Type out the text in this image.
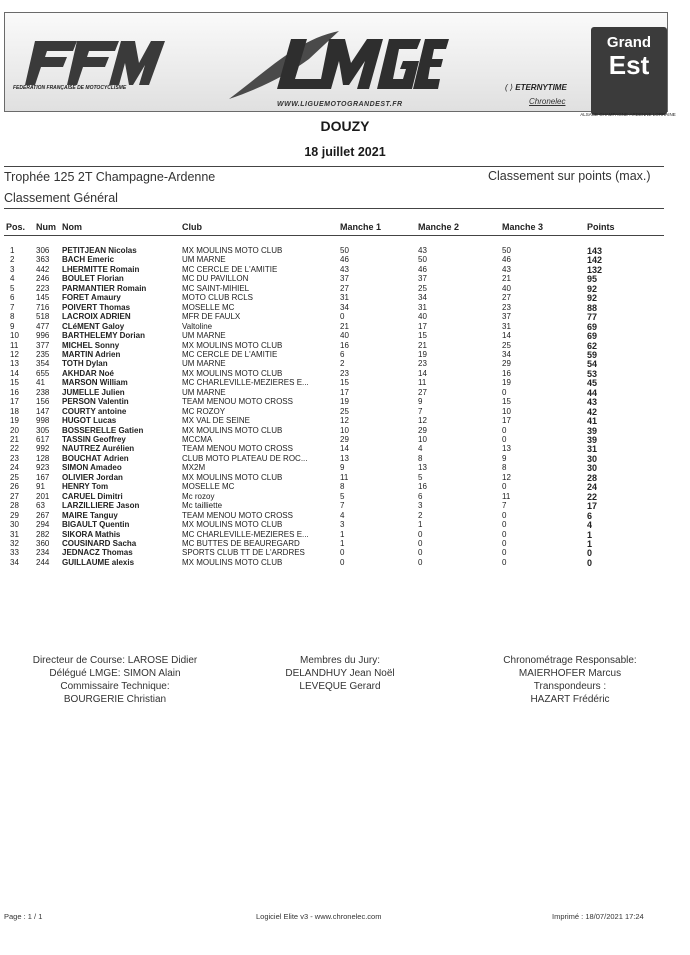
FEDERATION FRANÇAISE DE MOTOCYCLISME
WWW.LIGUEMOTOGRANDEST.FR
( ⟩ ETERNYTIME
Chronelec
Grand
Est
ALSACE CHAMPAGNE-ARDENNE LORRAINE
DOUZY
18 juillet 2021
Trophée 125 2T Champagne-Ardenne
Classement Général
Classement sur points (max.)
Pos. Num Nom	Club	Manche 1	Manche 2	Manche 3	Points
1	306 PETITJEAN Nicolas	MX MOULINS MOTO CLUB	50	43	50	143
2	363 BACH Emeric	UM MARNE	46	50	46	142
3	442 LHERMITTE Romain	MC CERCLE DE L'AMITIE	43	46	43	132
4	246 BOULET Florian	MC DU PAVILLON	37	37	21	95
5	223 PARMANTIER Romain	MC SAINT-MIHIEL	27	25	40	92
6	145 FORET Amaury	MOTO CLUB RCLS	31	34	27	92
7	716 POIVERT Thomas	MOSELLE MC	34	31	23	88
8	518 LACROIX ADRIEN	MFR DE FAULX	0	40	37	77
9	477 CLéMENT Galoy	Valtoline	21	17	31	69
10 996 BARTHELEMY Dorian	UM MARNE	40	15	14	69
11 377 MICHEL Sonny	MX MOULINS MOTO CLUB	16	21	25	62
12 235 MARTIN Adrien	MC CERCLE DE L'AMITIE	6	19	34	59
13 354 TOTH Dylan	UM MARNE	2	23	29	54
14 655 AKHDAR Noé	MX MOULINS MOTO CLUB	23	14	16	53
15 41 MARSON William	MC CHARLEVILLE-MEZIERES E...	15	11	19	45
16 238 JUMELLE Julien	UM MARNE	17	27	0	44
17 156 PERSON Valentin	TEAM MENOU MOTO CROSS	19	9	15	43
18 147 COURTY antoine	MC ROZOY	25	7	10	42
19 998 HUGOT Lucas	MX VAL DE SEINE	12	12	17	41
20 305 BOSSERELLE Gatien	MX MOULINS MOTO CLUB	10	29	0	39
21 617 TASSIN Geoffrey	MCCMA	29	10	0	39
22 992 NAUTREZ Aurélien	TEAM MENOU MOTO CROSS	14	4	13	31
23 128 BOUCHAT Adrien	CLUB MOTO PLATEAU DE ROC...	13	8	9	30
24 923 SIMON Amadeo	MX2M	9	13	8	30
25 167 OLIVIER Jordan	MX MOULINS MOTO CLUB	11	5	12	28
26 91 HENRY Tom	MOSELLE MC	8	16	0	24
27 201 CARUEL Dimitri	Mc rozoy	5	6	11	22
28 63 LARZILLIERE Jason	Mc tailliette	7	3	7	17
29 267 MAIRE Tanguy	TEAM MENOU MOTO CROSS	4	2	0	6
30 294 BIGAULT Quentin	MX MOULINS MOTO CLUB	3	1	0	4
31 282 SIKORA Mathis	MC CHARLEVILLE-MEZIERES E...	1	0	0	1
32 360 COUSINARD Sacha	MC BUTTES DE BEAUREGARD	1	0	0	1
33 234 JEDNACZ Thomas	SPORTS CLUB TT DE L'ARDRES	0	0	0	0
34 244 GUILLAUME alexis	MX MOULINS MOTO CLUB	0	0	0	0
Directeur de Course: LAROSE Didier
Délégué LMGE: SIMON Alain
Commissaire Technique:
BOURGERIE Christian
Membres du Jury:
DELANDHUY Jean Noël
LEVEQUE Gerard
Chronométrage Responsable:
MAIERHOFER Marcus
Transpondeurs :
HAZART Frédéric
Page : 1 / 1	Logiciel Elite v3 - www.chronelec.com	Imprimé : 18/07/2021 17:24
